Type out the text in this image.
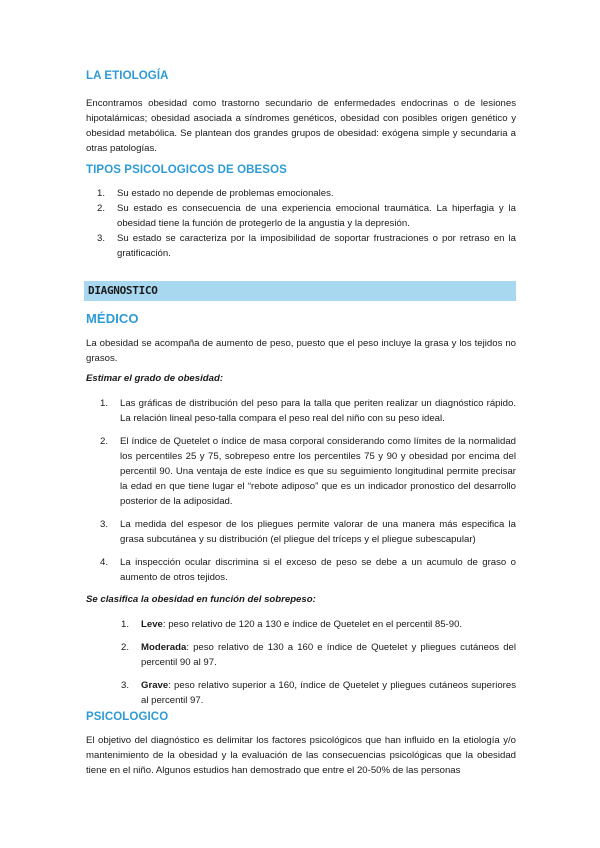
LA ETIOLOGÍA

Encontramos obesidad como trastorno secundario de enfermedades endocrinas o de lesiones hipotalámicas; obesidad asociada a síndromes genéticos, obesidad con posibles origen genético y obesidad metabólica. Se plantean dos grandes grupos de obesidad: exógena simple y secundaria a otras patologías.

TIPOS PSICOLOGICOS DE OBESOS
1. Su estado no depende de problemas emocionales.
2. Su estado es consecuencia de una experiencia emocional traumática. La hiperfagia y la obesidad tiene la función de protegerlo de la angustia y la depresión.
3. Su estado se caracteriza por la imposibilidad de soportar frustraciones o por retraso en la gratificación.
DIAGNOSTICO
MÉDICO

La obesidad se acompaña de aumento de peso, puesto que el peso incluye la grasa y los tejidos no grasos.

Estimar el grado de obesidad:

1. Las gráficas de distribución del peso para la talla que periten realizar un diagnóstico rápido. La relación lineal peso-talla compara el peso real del niño con su peso ideal.
2. El índice de Quetelet o índice de masa corporal considerando como límites de la normalidad los percentiles 25 y 75, sobrepeso entre los percentiles 75 y 90 y obesidad por encima del percentil 90. Una ventaja de este índice es que su seguimiento longitudinal permite precisar la edad en que tiene lugar el “rebote adiposo” que es un indicador pronostico del desarrollo posterior de la adiposidad.
3. La medida del espesor de los pliegues permite valorar de una manera más especifica la grasa subcutánea y su distribución (el pliegue del tríceps y el pliegue subescapular)
4. La inspección ocular discrimina si el exceso de peso se debe a un acumulo de graso o aumento de otros tejidos.

Se clasifica la obesidad en función del sobrepeso:

1. Leve: peso relativo de 120 a 130 e índice de Quetelet en el percentil 85-90.
2. Moderada: peso relativo de 130 a 160 e índice de Quetelet y pliegues cutáneos del percentil 90 al 97.
3. Grave: peso relativo superior a 160, índice de Quetelet y pliegues cutáneos superiores al percentil 97.
PSICOLOGICO

El objetivo del diagnóstico es delimitar los factores psicológicos que han influido en la etiología y/o mantenimiento de la obesidad y la evaluación de las consecuencias psicológicas que la obesidad tiene en el niño. Algunos estudios han demostrado que entre el 20-50% de las personas
